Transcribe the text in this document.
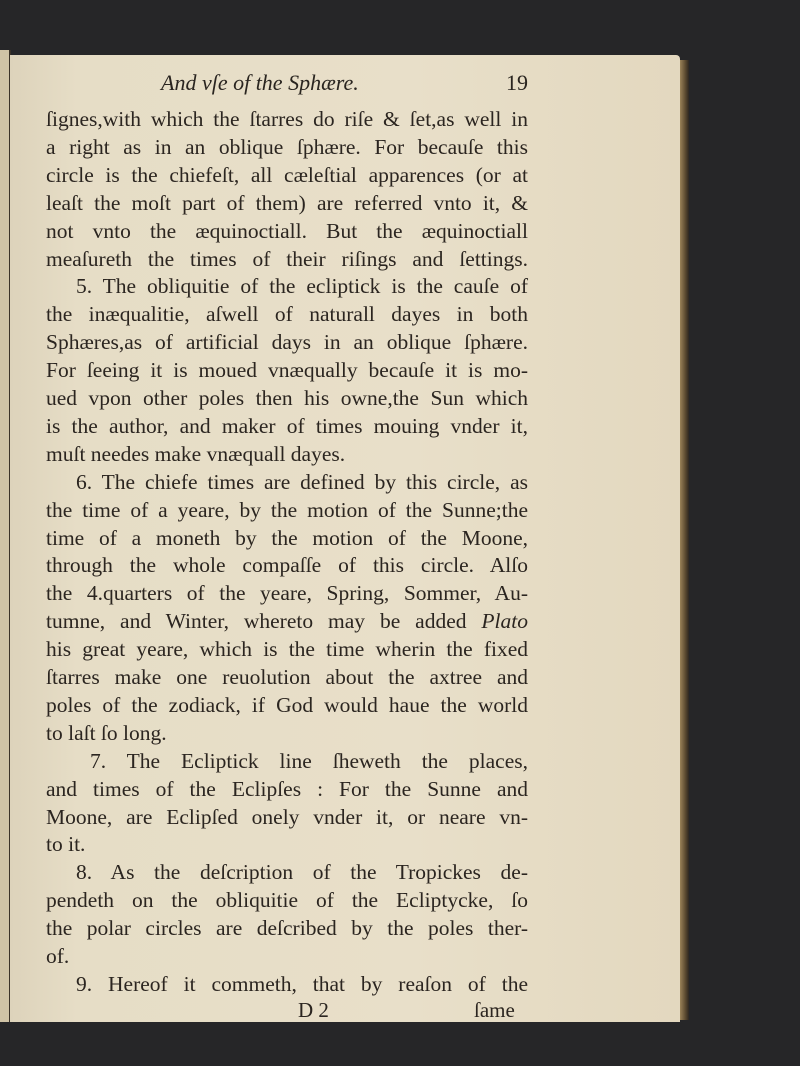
And vſe of the Sphære.	19
ſignes,with which the ſtarres do riſe & ſet,as well in
a right as in an oblique ſphære. For becauſe this
circle is the chiefeſt, all cæleſtial apparences (or at
leaſt the moſt part of them) are referred vnto it, &
not vnto the æquinoctiall. But the æquinoctiall
meaſureth the times of their riſings and ſettings.
5. The obliquitie of the ecliptick is the cauſe of
the inæqualitie, aſwell of naturall dayes in both
Sphæres,as of artificial days in an oblique ſphære.
For ſeeing it is moued vnæqually becauſe it is mo-
ued vpon other poles then his owne,the Sun which
is the author, and maker of times mouing vnder it,
muſt needes make vnæquall dayes.
6. The chiefe times are defined by this circle, as
the time of a yeare, by the motion of the Sunne;the
time of a moneth by the motion of the Moone,
through the whole compaſſe of this circle. Alſo
the 4.quarters of the yeare, Spring, Sommer, Au-
tumne, and Winter, whereto may be added Plato
his great yeare, which is the time wherin the fixed
ſtarres make one reuolution about the axtree and
poles of the zodiack, if God would haue the world
to laſt ſo long.
7. The Ecliptick line ſheweth the places,
and times of the Eclipſes : For the Sunne and
Moone, are Eclipſed onely vnder it, or neare vn-
to it.
8. As the deſcription of the Tropickes de-
pendeth on the obliquitie of the Ecliptycke, ſo
the polar circles are deſcribed by the poles ther-
of.
9. Hereof it commeth, that by reaſon of the
D 2	ſame
